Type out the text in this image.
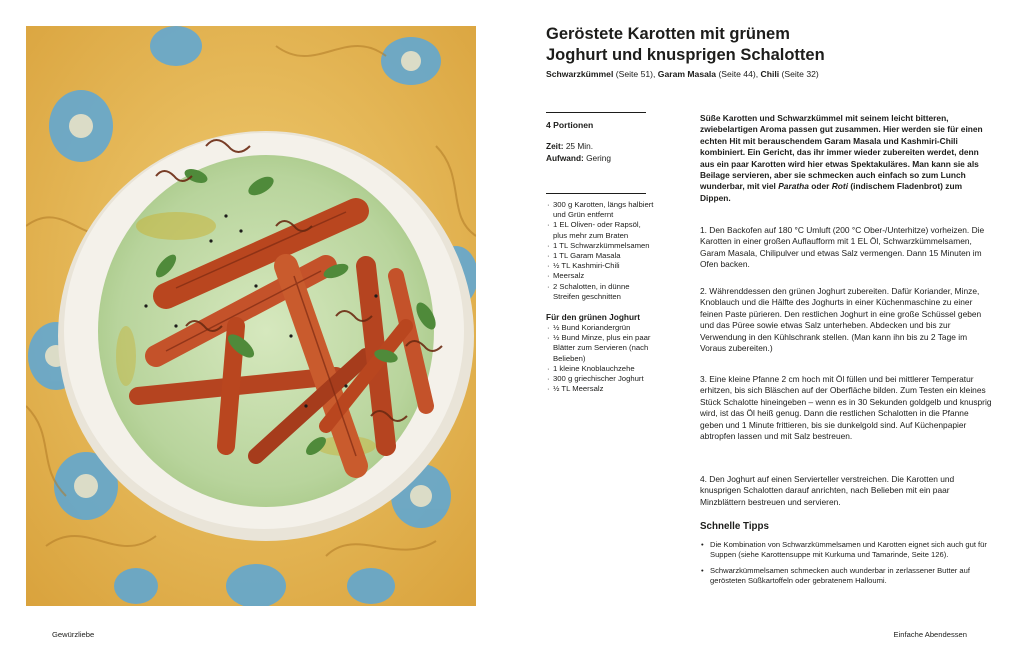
Geröstete Karotten mit grünem
Joghurt und knusprigen Schalotten
Schwarzkümmel (Seite 51), Garam Masala (Seite 44), Chili (Seite 32)
4 Portionen
Zeit: 25 Min.
Aufwand: Gering
· 300 g Karotten, längs halbiert und Grün entfernt
· 1 EL Oliven- oder Rapsöl, plus mehr zum Braten
· 1 TL Schwarzkümmelsamen
· 1 TL Garam Masala
· ½ TL Kashmiri-Chili
· Meersalz
· 2 Schalotten, in dünne Streifen geschnitten
Für den grünen Joghurt
· ½ Bund Koriandergrün
· ½ Bund Minze, plus ein paar Blätter zum Servieren (nach Belieben)
· 1 kleine Knoblauchzehe
· 300 g griechischer Joghurt
· ½ TL Meersalz

Süße Karotten und Schwarzkümmel mit seinem leicht bitteren, zwiebelartigen Aroma passen gut zusammen. Hier werden sie für einen echten Hit mit berauschendem Garam Masala und Kashmiri-Chili kombiniert. Ein Gericht, das ihr immer wieder zubereiten werdet, denn aus ein paar Karotten wird hier etwas Spektakuläres. Man kann sie als Beilage servieren, aber sie schmecken auch einfach so zum Lunch wunderbar, mit viel Paratha oder Roti (indischem Fladenbrot) zum Dippen.

1. Den Backofen auf 180 °C Umluft (200 °C Ober-/Unterhitze) vorheizen. Die Karotten in einer großen Auflaufform mit 1 EL Öl, Schwarzkümmelsamen, Garam Masala, Chilipulver und etwas Salz vermengen. Dann 15 Minuten im Ofen backen.

2. Währenddessen den grünen Joghurt zubereiten. Dafür Koriander, Minze, Knoblauch und die Hälfte des Joghurts in einer Küchenmaschine zu einer feinen Paste pürieren. Den restlichen Joghurt in eine große Schüssel geben und das Püree sowie etwas Salz unterheben. Abdecken und bis zur Verwendung in den Kühlschrank stellen. (Man kann ihn bis zu 2 Tage im Voraus zubereiten.)

3. Eine kleine Pfanne 2 cm hoch mit Öl füllen und bei mittlerer Temperatur erhitzen, bis sich Bläschen auf der Oberfläche bilden. Zum Testen ein kleines Stück Schalotte hineingeben – wenn es in 30 Sekunden goldgelb und knusprig wird, ist das Öl heiß genug. Dann die restlichen Schalotten in die Pfanne geben und 1 Minute frittieren, bis sie dunkelgold sind. Auf Küchenpapier abtropfen lassen und mit Salz bestreuen.

4. Den Joghurt auf einen Servierteller verstreichen. Die Karotten und knusprigen Schalotten darauf anrichten, nach Belieben mit ein paar Minzblättern bestreuen und servieren.

Schnelle Tipps
• Die Kombination von Schwarzkümmelsamen und Karotten eignet sich auch gut für Suppen (siehe Karottensuppe mit Kurkuma und Tamarinde, Seite 126).
• Schwarzkümmelsamen schmecken auch wunderbar in zerlassener Butter auf gerösteten Süßkartoffeln oder gebratenem Halloumi.
Gewürzliebe	Einfache Abendessen
